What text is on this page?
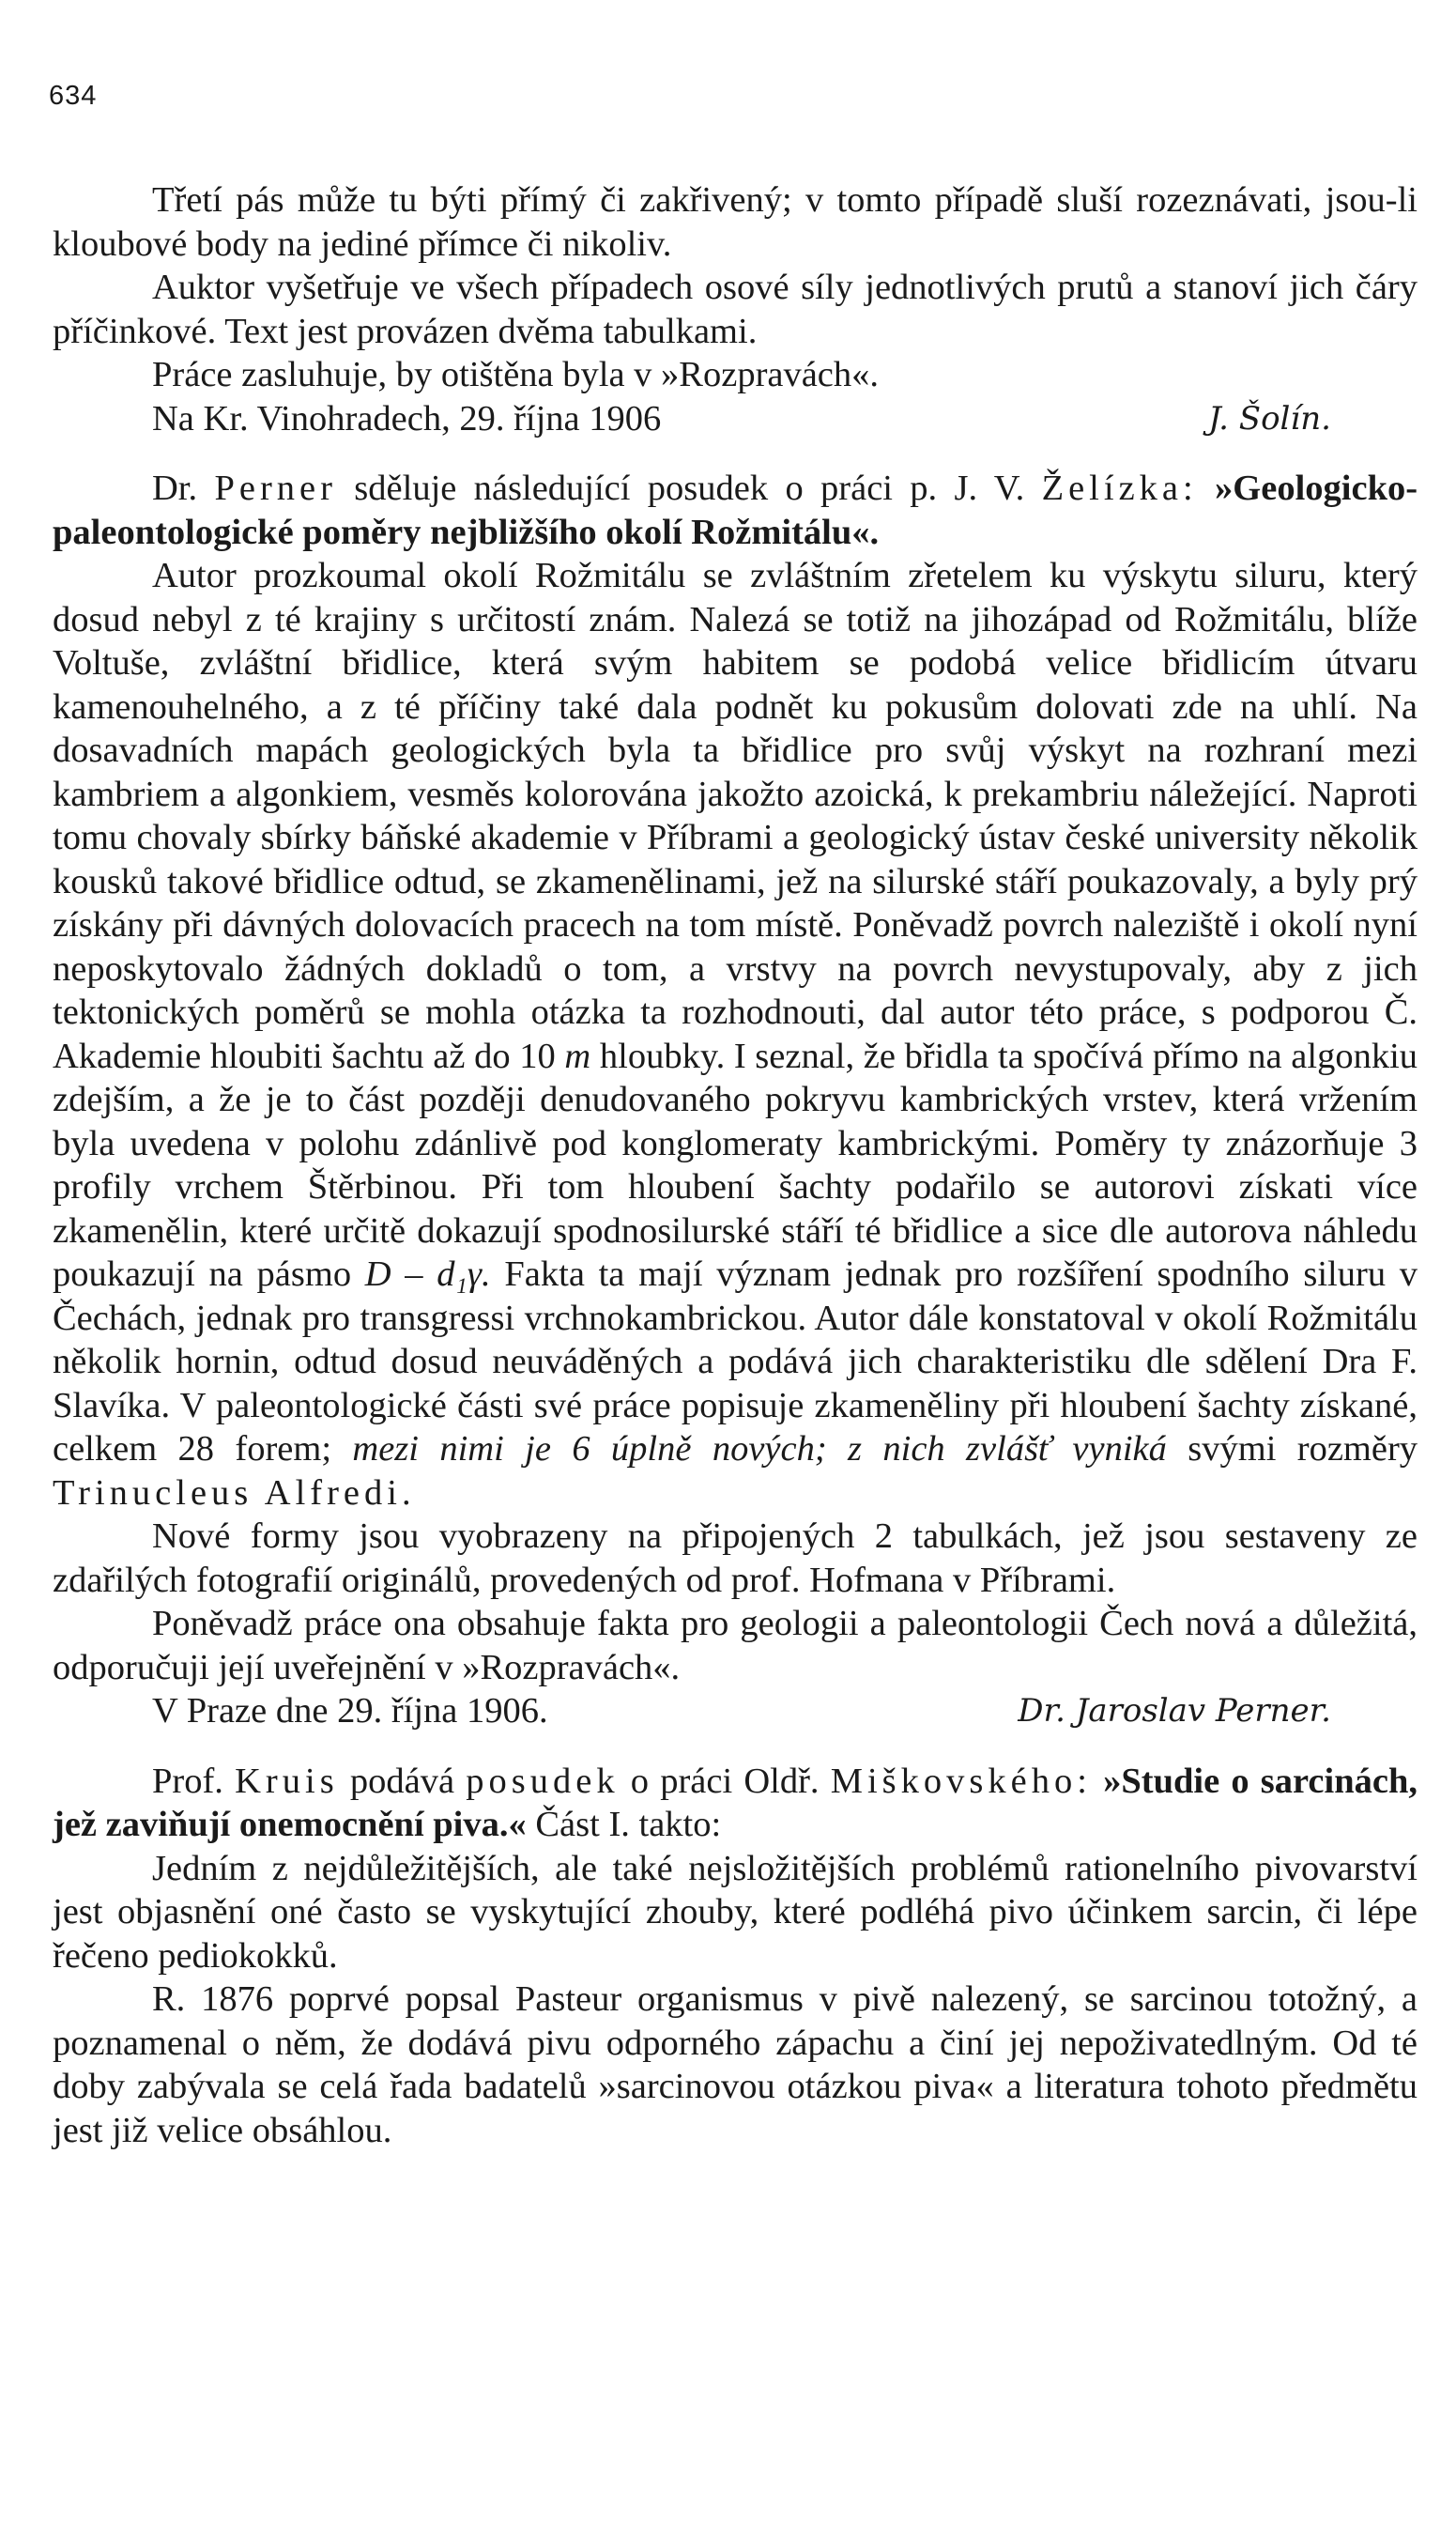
634

Třetí pás může tu býti přímý či zakřivený; v tomto případě sluší rozeznávati, jsou-li kloubové body na jediné přímce či nikoliv.

Auktor vyšetřuje ve všech případech osové síly jednotlivých prutů a stanoví jich čáry příčinkové. Text jest provázen dvěma tabulkami.

Práce zasluhuje, by otištěna byla v »Rozpravách«.

Na Kr. Vinohradech, 29. října 1906	J. Šolín.

Dr. Perner sděluje následující posudek o práci p. J. V. Želízka: »Geologicko-paleontologické poměry nejbližšího okolí Rožmitálu«.

Autor prozkoumal okolí Rožmitálu se zvláštním zřetelem ku výskytu siluru, který dosud nebyl z té krajiny s určitostí znám. Nalezá se totiž na jihozápad od Rožmitálu, blíže Voltuše, zvláštní břidlice, která svým habitem se podobá velice břidlicím útvaru kamenouhelného, a z té příčiny také dala podnět ku pokusům dolovati zde na uhlí. Na dosavadních mapách geologických byla ta břidlice pro svůj výskyt na rozhraní mezi kambriem a algonkiem, vesměs kolorována jakožto azoická, k prekambriu náležející. Naproti tomu chovaly sbírky báňské akademie v Příbrami a geologický ústav české university několik kousků takové břidlice odtud, se zkamenělinami, jež na silurské stáří poukazovaly, a byly prý získány při dávných dolovacích pracech na tom místě. Poněvadž povrch naleziště i okolí nyní neposkytovalo žádných dokladů o tom, a vrstvy na povrch nevystupovaly, aby z jich tektonických poměrů se mohla otázka ta rozhodnouti, dal autor této práce, s podporou Č. Akademie hloubiti šachtu až do 10 m hloubky. I seznal, že břidla ta spočívá přímo na algonkiu zdejším, a že je to část později denudovaného pokryvu kambrických vrstev, která vržením byla uvedena v polohu zdánlivě pod konglomeraty kambrickými. Poměry ty znázorňuje 3 profily vrchem Štěrbinou. Při tom hloubení šachty podařilo se autorovi získati více zkamenělin, které určitě dokazují spodnosilurské stáří té břidlice a sice dle autorova náhledu poukazují na pásmo D – d₁γ. Fakta ta mají význam jednak pro rozšíření spodního siluru v Čechách, jednak pro transgressi vrchnokambrickou. Autor dále konstatoval v okolí Rožmitálu několik hornin, odtud dosud neuváděných a podává jich charakteristiku dle sdělení Dra F. Slavíka. V paleontologické části své práce popisuje zkameněliny při hloubení šachty získané, celkem 28 forem; mezi nimi je 6 úplně nových; z nich zvlášť vyniká svými rozměry Trinucleus Alfredi.

Nové formy jsou vyobrazeny na připojených 2 tabulkách, jež jsou sestaveny ze zdařilých fotografií originálů, provedených od prof. Hofmana v Příbrami.

Poněvadž práce ona obsahuje fakta pro geologii a paleontologii Čech nová a důležitá, odporučuji její uveřejnění v »Rozpravách«.

V Praze dne 29. října 1906.	Dr. Jaroslav Perner.

Prof. Kruis podává posudek o práci Oldř. Miškovského: »Studie o sarcinách, jež zaviňují onemocnění piva.« Část I. takto:

Jedním z nejdůležitějších, ale také nejsložitějších problémů rationelního pivovarství jest objasnění oné často se vyskytující zhouby, které podléhá pivo účinkem sarcin, či lépe řečeno pediokokků.

R. 1876 poprvé popsal Pasteur organismus v pivě nalezený, se sarcinou totožný, a poznamenal o něm, že dodává pivu odporného zápachu a činí jej nepoživatedlným. Od té doby zabývala se celá řada badatelů »sarcinovou otázkou piva« a literatura tohoto předmětu jest již velice obsáhlou.
